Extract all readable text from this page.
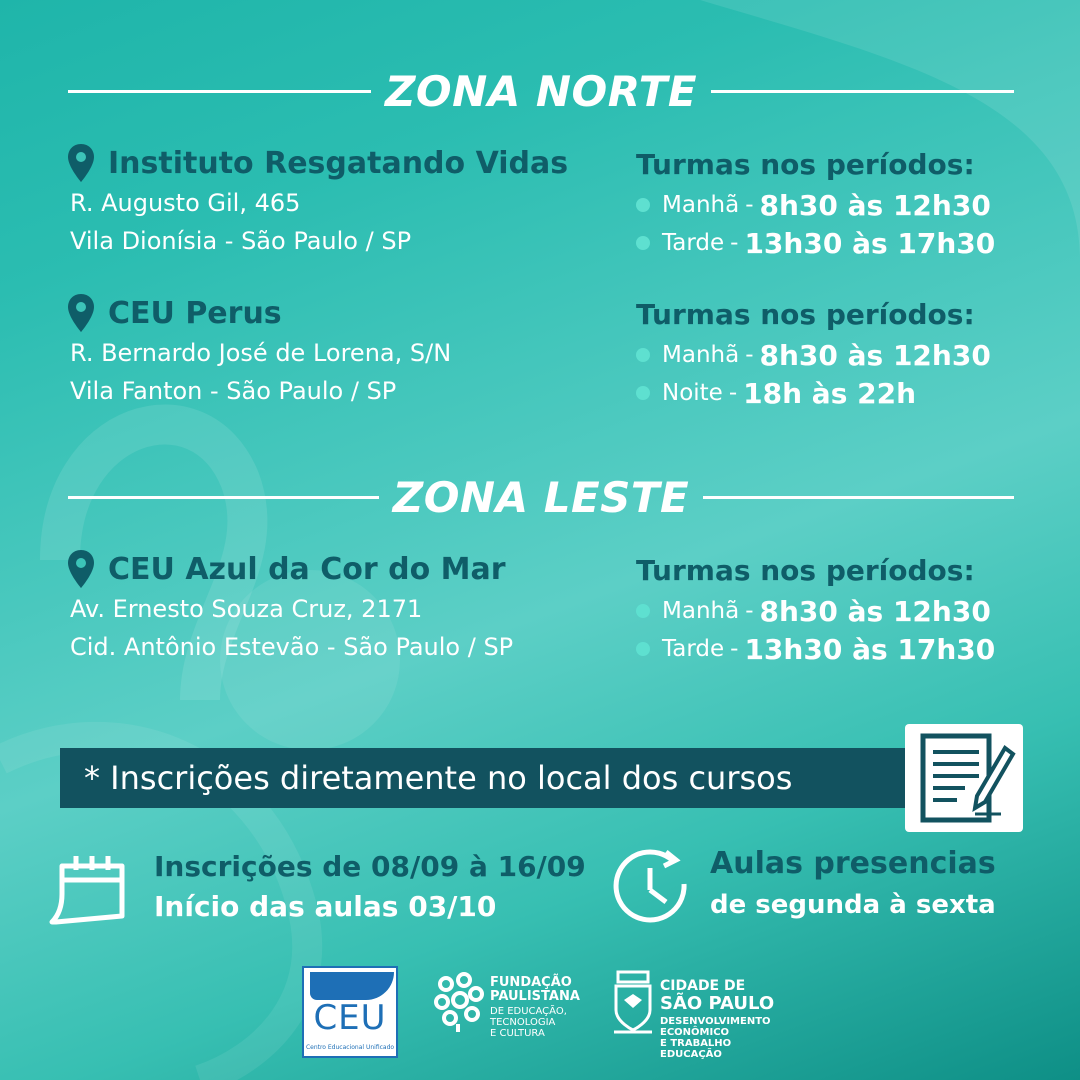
ZONA NORTE
Instituto Resgatando Vidas
R. Augusto Gil, 465
Vila Dionísia - São Paulo / SP
Turmas nos períodos:
Manhã - 8h30 às 12h30
Tarde - 13h30 às 17h30
CEU Perus
R. Bernardo José de Lorena, S/N
Vila Fanton - São Paulo / SP
Turmas nos períodos:
Manhã - 8h30 às 12h30
Noite - 18h às 22h
ZONA LESTE
CEU Azul da Cor do Mar
Av. Ernesto Souza Cruz, 2171
Cid. Antônio Estevão - São Paulo / SP
Turmas nos períodos:
Manhã - 8h30 às 12h30
Tarde - 13h30 às 17h30
* Inscrições diretamente no local dos cursos
Inscrições de 08/09 à 16/09
Início das aulas 03/10
Aulas presencias
de segunda à sexta
CEU
Centro Educacional Unificado
FUNDAÇÃO
PAULISTANA
DE EDUCAÇÃO,
TECNOLOGIA
E CULTURA
CIDADE DE
SÃO PAULO
DESENVOLVIMENTO
ECONÔMICO
E TRABALHO
EDUCAÇÃO
